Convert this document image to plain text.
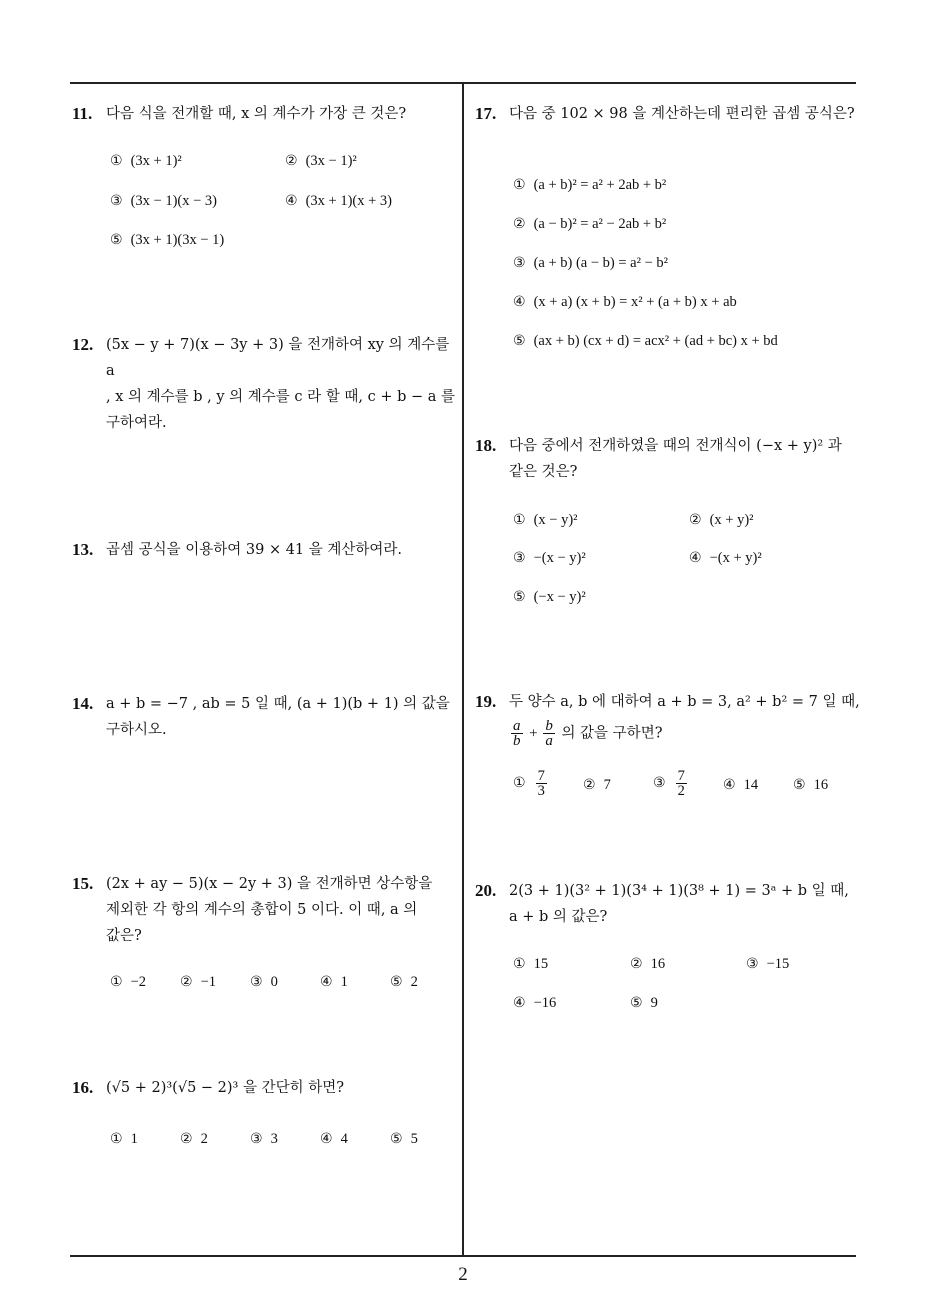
11. 다음 식을 전개할 때, x 의 계수가 가장 큰 것은?
① (3x + 1)²	② (3x − 1)²
③ (3x − 1)(x − 3)	④ (3x + 1)(x + 3)
⑤ (3x + 1)(3x − 1)
12. (5x − y + 7)(x − 3y + 3) 을 전개하여 xy 의 계수를 a
, x 의 계수를 b , y 의 계수를 c 라 할 때, c + b − a 를
구하여라.
13. 곱셈 공식을 이용하여 39 × 41 을 계산하여라.
14. a + b = −7 , ab = 5 일 때, (a + 1)(b + 1) 의 값을
구하시오.
15. (2x + ay − 5)(x − 2y + 3) 을 전개하면 상수항을
제외한 각 항의 계수의 총합이 5 이다. 이 때, a 의
값은?
① −2 ② −1 ③ 0	④ 1	⑤ 2
16. (√5 + 2)³(√5 − 2)³ 을 간단히 하면?
① 1	② 2	③ 3	④ 4	⑤ 5
17. 다음 중 102 × 98 을 계산하는데 편리한 곱셈 공식은?
① (a + b)² = a² + 2ab + b²
② (a − b)² = a² − 2ab + b²
③ (a + b) (a − b) = a² − b²
④ (x + a) (x + b) = x² + (a + b) x + ab
⑤ (ax + b) (cx + d) = acx² + (ad + bc) x + bd
18. 다음 중에서 전개하였을 때의 전개식이 (−x + y)² 과
같은 것은?
① (x − y)²	② (x + y)²
③ −(x − y)²	④ −(x + y)²
⑤ (−x − y)²
19. 두 양수 a, b 에 대하여 a + b = 3, a² + b² = 7 일 때,
$\frac{a}{b} + \frac{b}{a}$ 의 값을 구하면?
① $\frac{7}{3}$	② 7	③ $\frac{7}{2}$	④ 14 ⑤ 16
20. 2(3 + 1)(3² + 1)(3⁴ + 1)(3⁸ + 1) = 3ᵃ + b 일 때,
a + b 의 값은?
① 15	② 16	③ −15
④ −16	⑤ 9
2
